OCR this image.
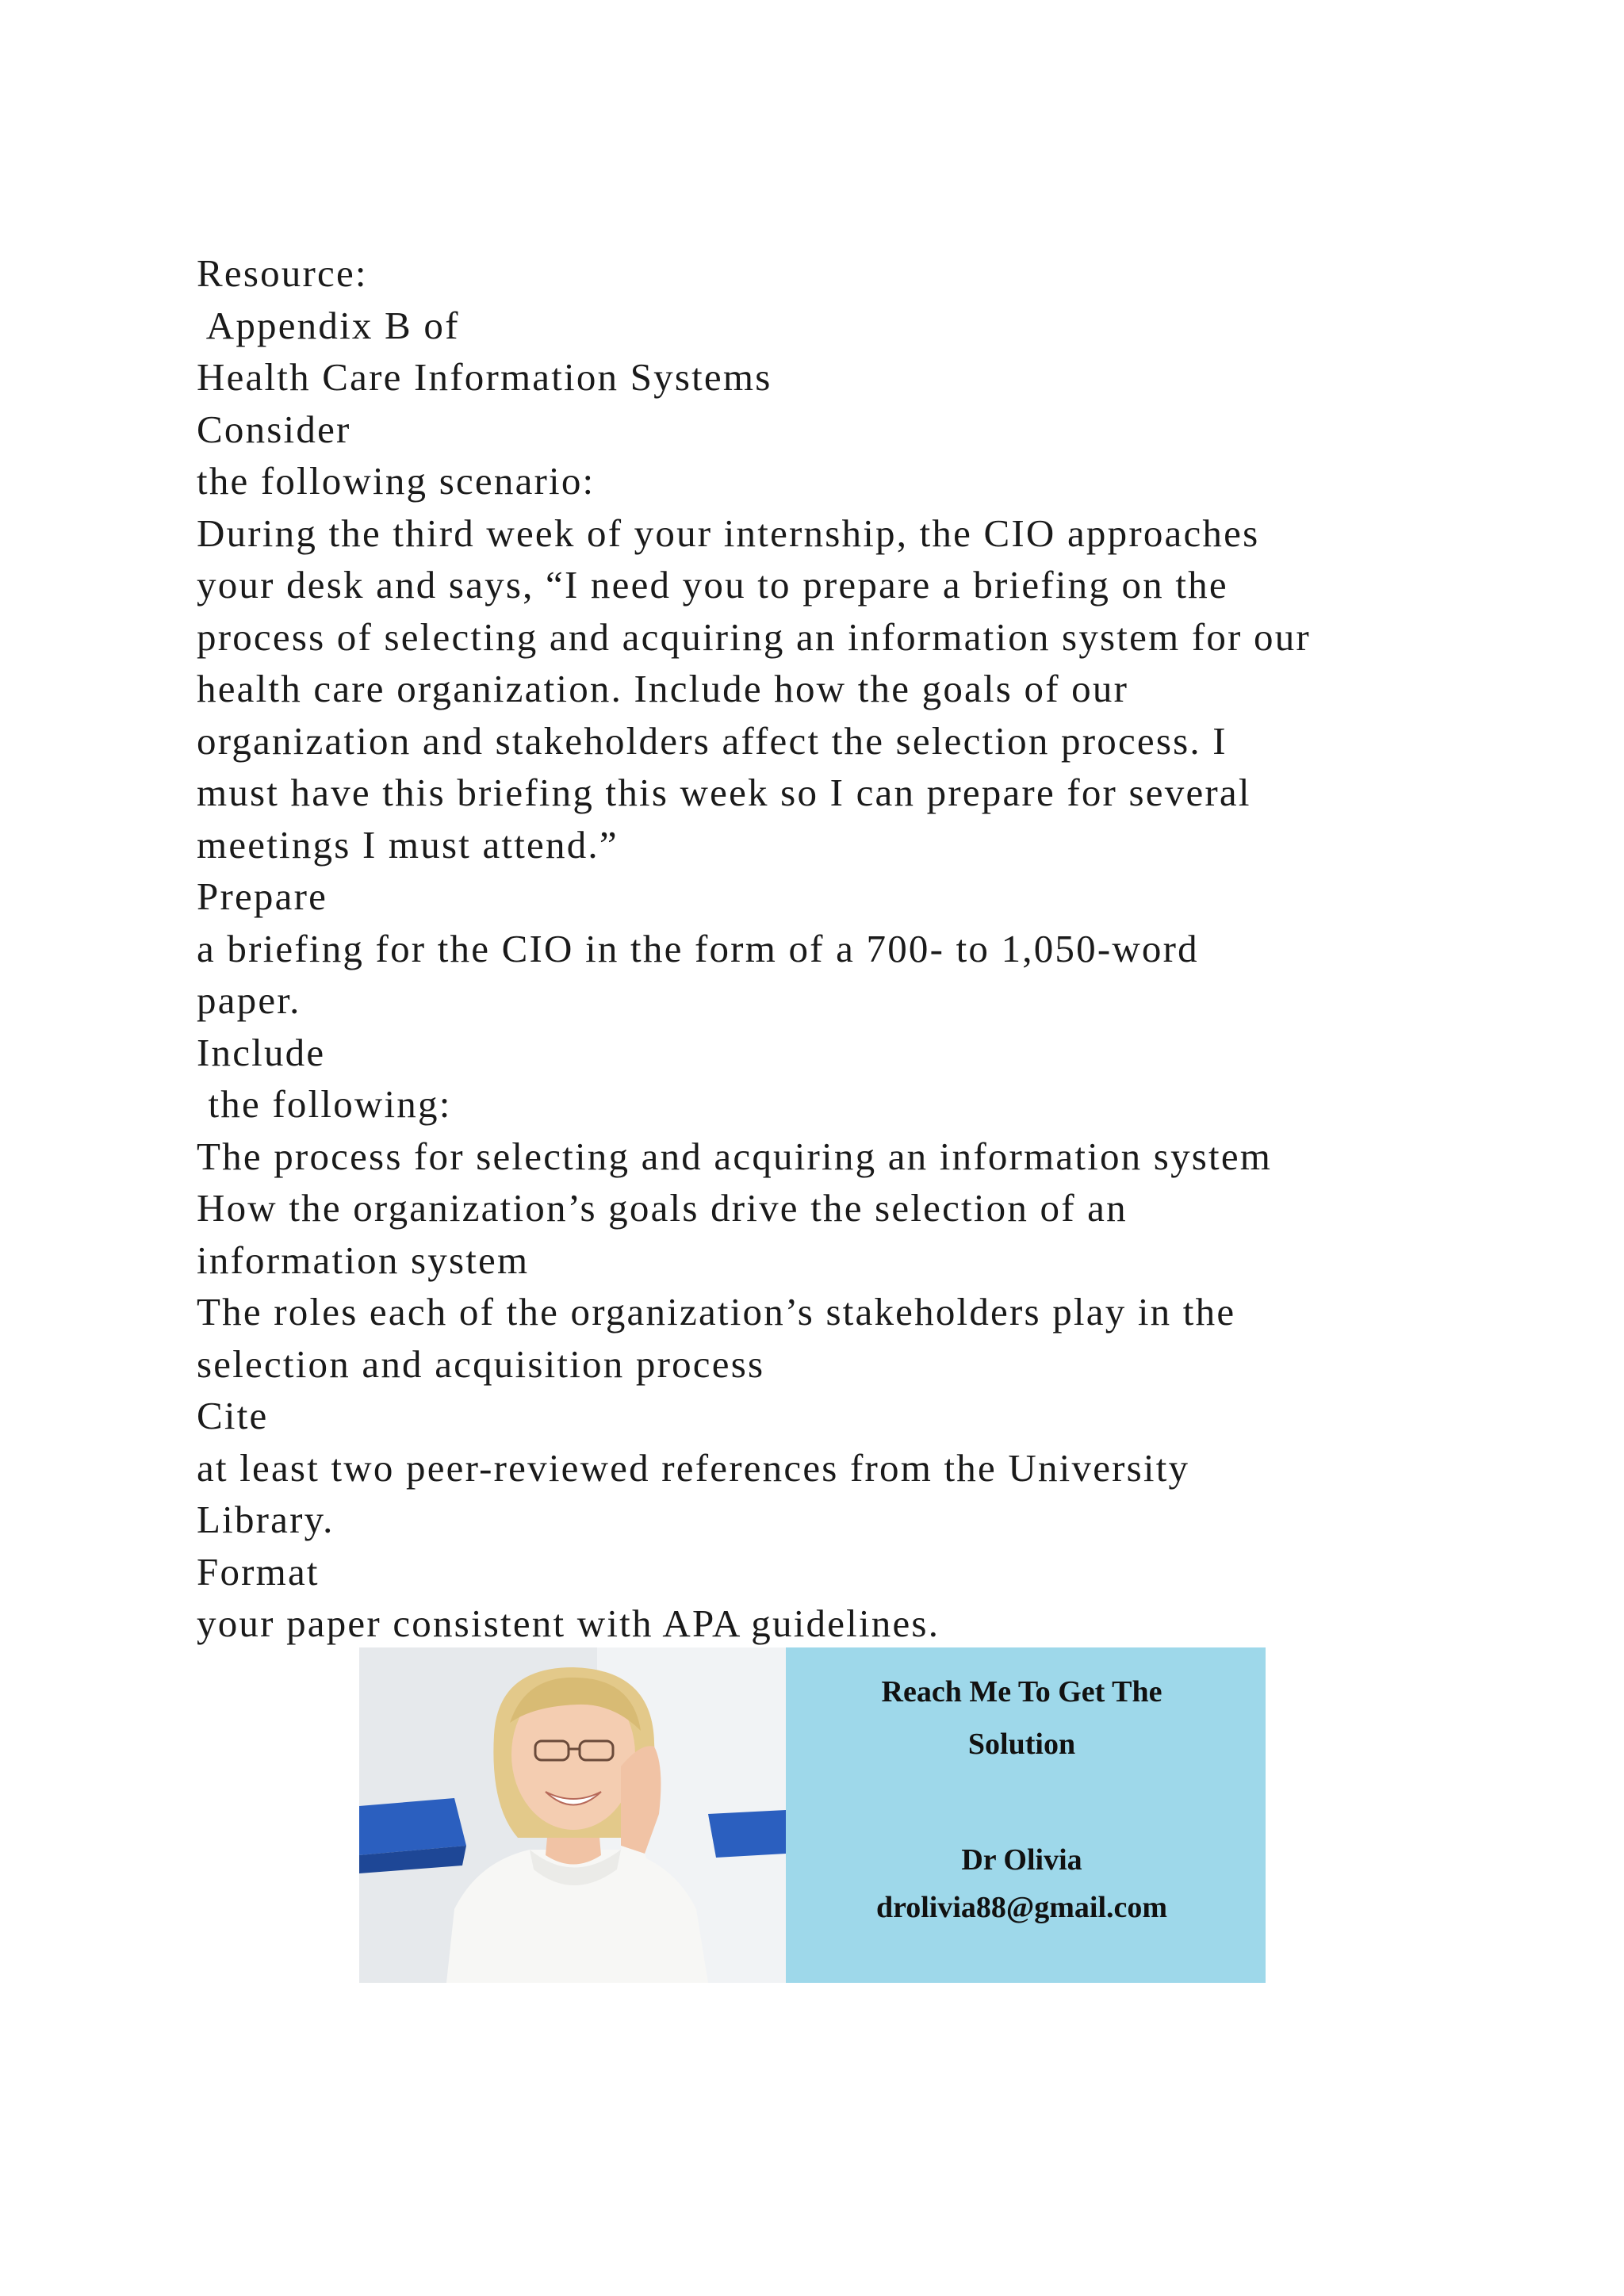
Resource:
Appendix B of
Health Care Information Systems
Consider
the following scenario:
During the third week of your internship, the CIO approaches
your desk and says, “I need you to prepare a briefing on the
process of selecting and acquiring an information system for our
health care organization. Include how the goals of our
organization and stakeholders affect the selection process. I
must have this briefing this week so I can prepare for several
meetings I must attend.”
Prepare
a briefing for the CIO in the form of a 700- to 1,050-word
paper.
Include
the following:
The process for selecting and acquiring an information system
How the organization’s goals drive the selection of an
information system
The roles each of the organization’s stakeholders play in the
selection and acquisition process
Cite
at least two peer-reviewed references from the University
Library.
Format
your paper consistent with APA guidelines.
Reach Me To Get The
Solution
Dr Olivia
drolivia88@gmail.com
